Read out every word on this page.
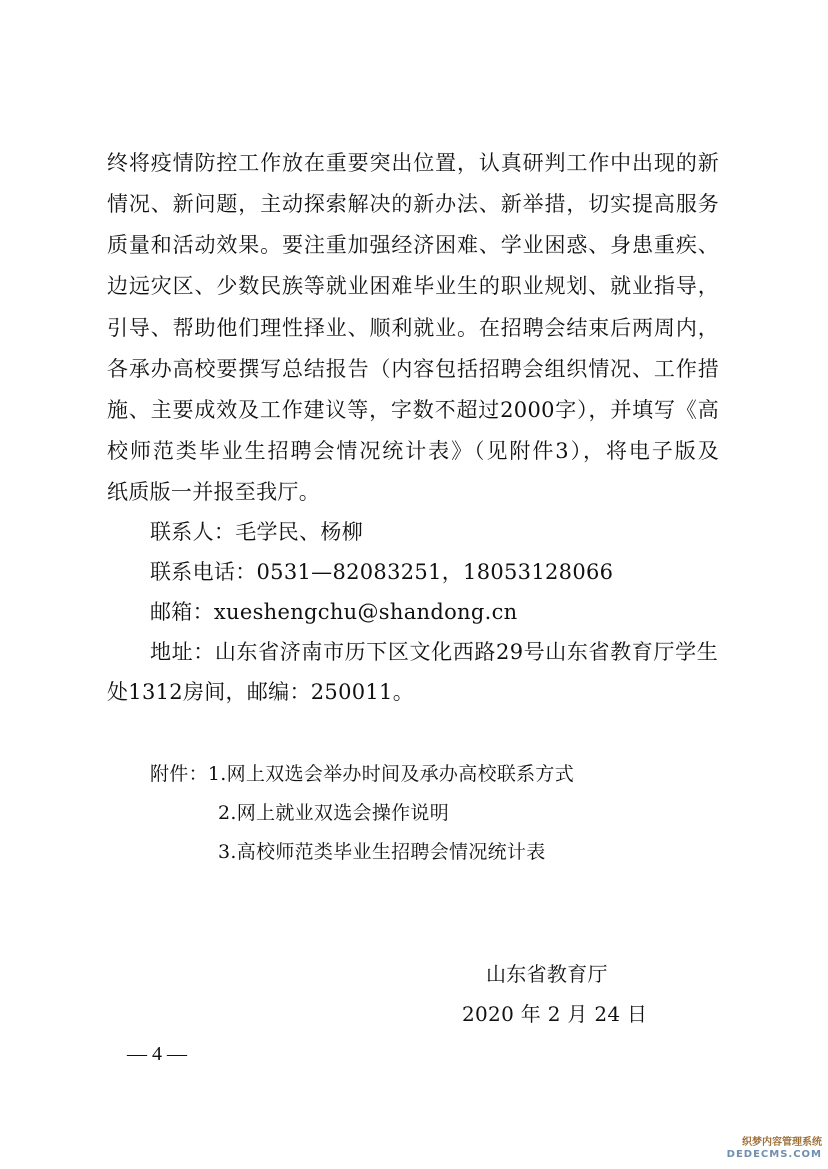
终将疫情防控工作放在重要突出位置，认真研判工作中出现的新
情况、新问题，主动探索解决的新办法、新举措，切实提高服务
质量和活动效果。要注重加强经济困难、学业困惑、身患重疾、
边远灾区、少数民族等就业困难毕业生的职业规划、就业指导，
引导、帮助他们理性择业、顺利就业。在招聘会结束后两周内，
各承办高校要撰写总结报告（内容包括招聘会组织情况、工作措
施、主要成效及工作建议等，字数不超过2000字），并填写《高
校师范类毕业生招聘会情况统计表》（见附件3），将电子版及
纸质版一并报至我厅。
联系人：毛学民、杨柳
联系电话：0531—82083251，18053128066
邮箱：xueshengchu@shandong.cn
地址：山东省济南市历下区文化西路29号山东省教育厅学生
处1312房间，邮编：250011。
附件：1.网上双选会举办时间及承办高校联系方式
2.网上就业双选会操作说明
3.高校师范类毕业生招聘会情况统计表
山东省教育厅
2020 年 2 月 24 日
— 4 —
织梦内容管理系统
DEDECMS.COM
